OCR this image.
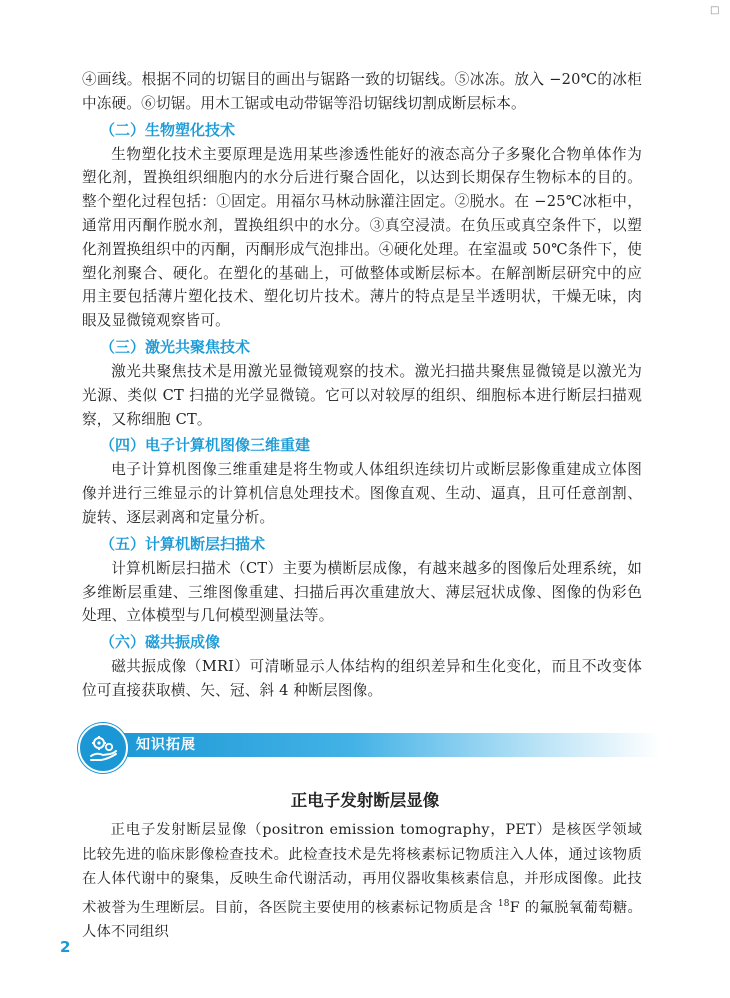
□

④画线。根据不同的切锯目的画出与锯路一致的切锯线。⑤冰冻。放入 −20℃的冰柜中冻硬。⑥切锯。用木工锯或电动带锯等沿切锯线切割成断层标本。

（二）生物塑化技术

生物塑化技术主要原理是选用某些渗透性能好的液态高分子多聚化合物单体作为塑化剂，置换组织细胞内的水分后进行聚合固化，以达到长期保存生物标本的目的。整个塑化过程包括：①固定。用福尔马林动脉灌注固定。②脱水。在 −25℃冰柜中，通常用丙酮作脱水剂，置换组织中的水分。③真空浸渍。在负压或真空条件下，以塑化剂置换组织中的丙酮，丙酮形成气泡排出。④硬化处理。在室温或 50℃条件下，使塑化剂聚合、硬化。在塑化的基础上，可做整体或断层标本。在解剖断层研究中的应用主要包括薄片塑化技术、塑化切片技术。薄片的特点是呈半透明状，干燥无味，肉眼及显微镜观察皆可。

（三）激光共聚焦技术

激光共聚焦技术是用激光显微镜观察的技术。激光扫描共聚焦显微镜是以激光为光源、类似 CT 扫描的光学显微镜。它可以对较厚的组织、细胞标本进行断层扫描观察，又称细胞 CT。

（四）电子计算机图像三维重建

电子计算机图像三维重建是将生物或人体组织连续切片或断层影像重建成立体图像并进行三维显示的计算机信息处理技术。图像直观、生动、逼真，且可任意剖割、旋转、逐层剥离和定量分析。

（五）计算机断层扫描术

计算机断层扫描术（CT）主要为横断层成像，有越来越多的图像后处理系统，如多维断层重建、三维图像重建、扫描后再次重建放大、薄层冠状成像、图像的伪彩色处理、立体模型与几何模型测量法等。

（六）磁共振成像

磁共振成像（MRI）可清晰显示人体结构的组织差异和生化变化，而且不改变体位可直接获取横、矢、冠、斜 4 种断层图像。

知识拓展
正电子发射断层显像

正电子发射断层显像（positron emission tomography，PET）是核医学领域比较先进的临床影像检查技术。此检查技术是先将核素标记物质注入人体，通过该物质在人体代谢中的聚集，反映生命代谢活动，再用仪器收集核素信息，并形成图像。此技术被誉为生理断层。目前，各医院主要使用的核素标记物质是含 $^{18}$F 的氟脱氧葡萄糖。人体不同组织

2
